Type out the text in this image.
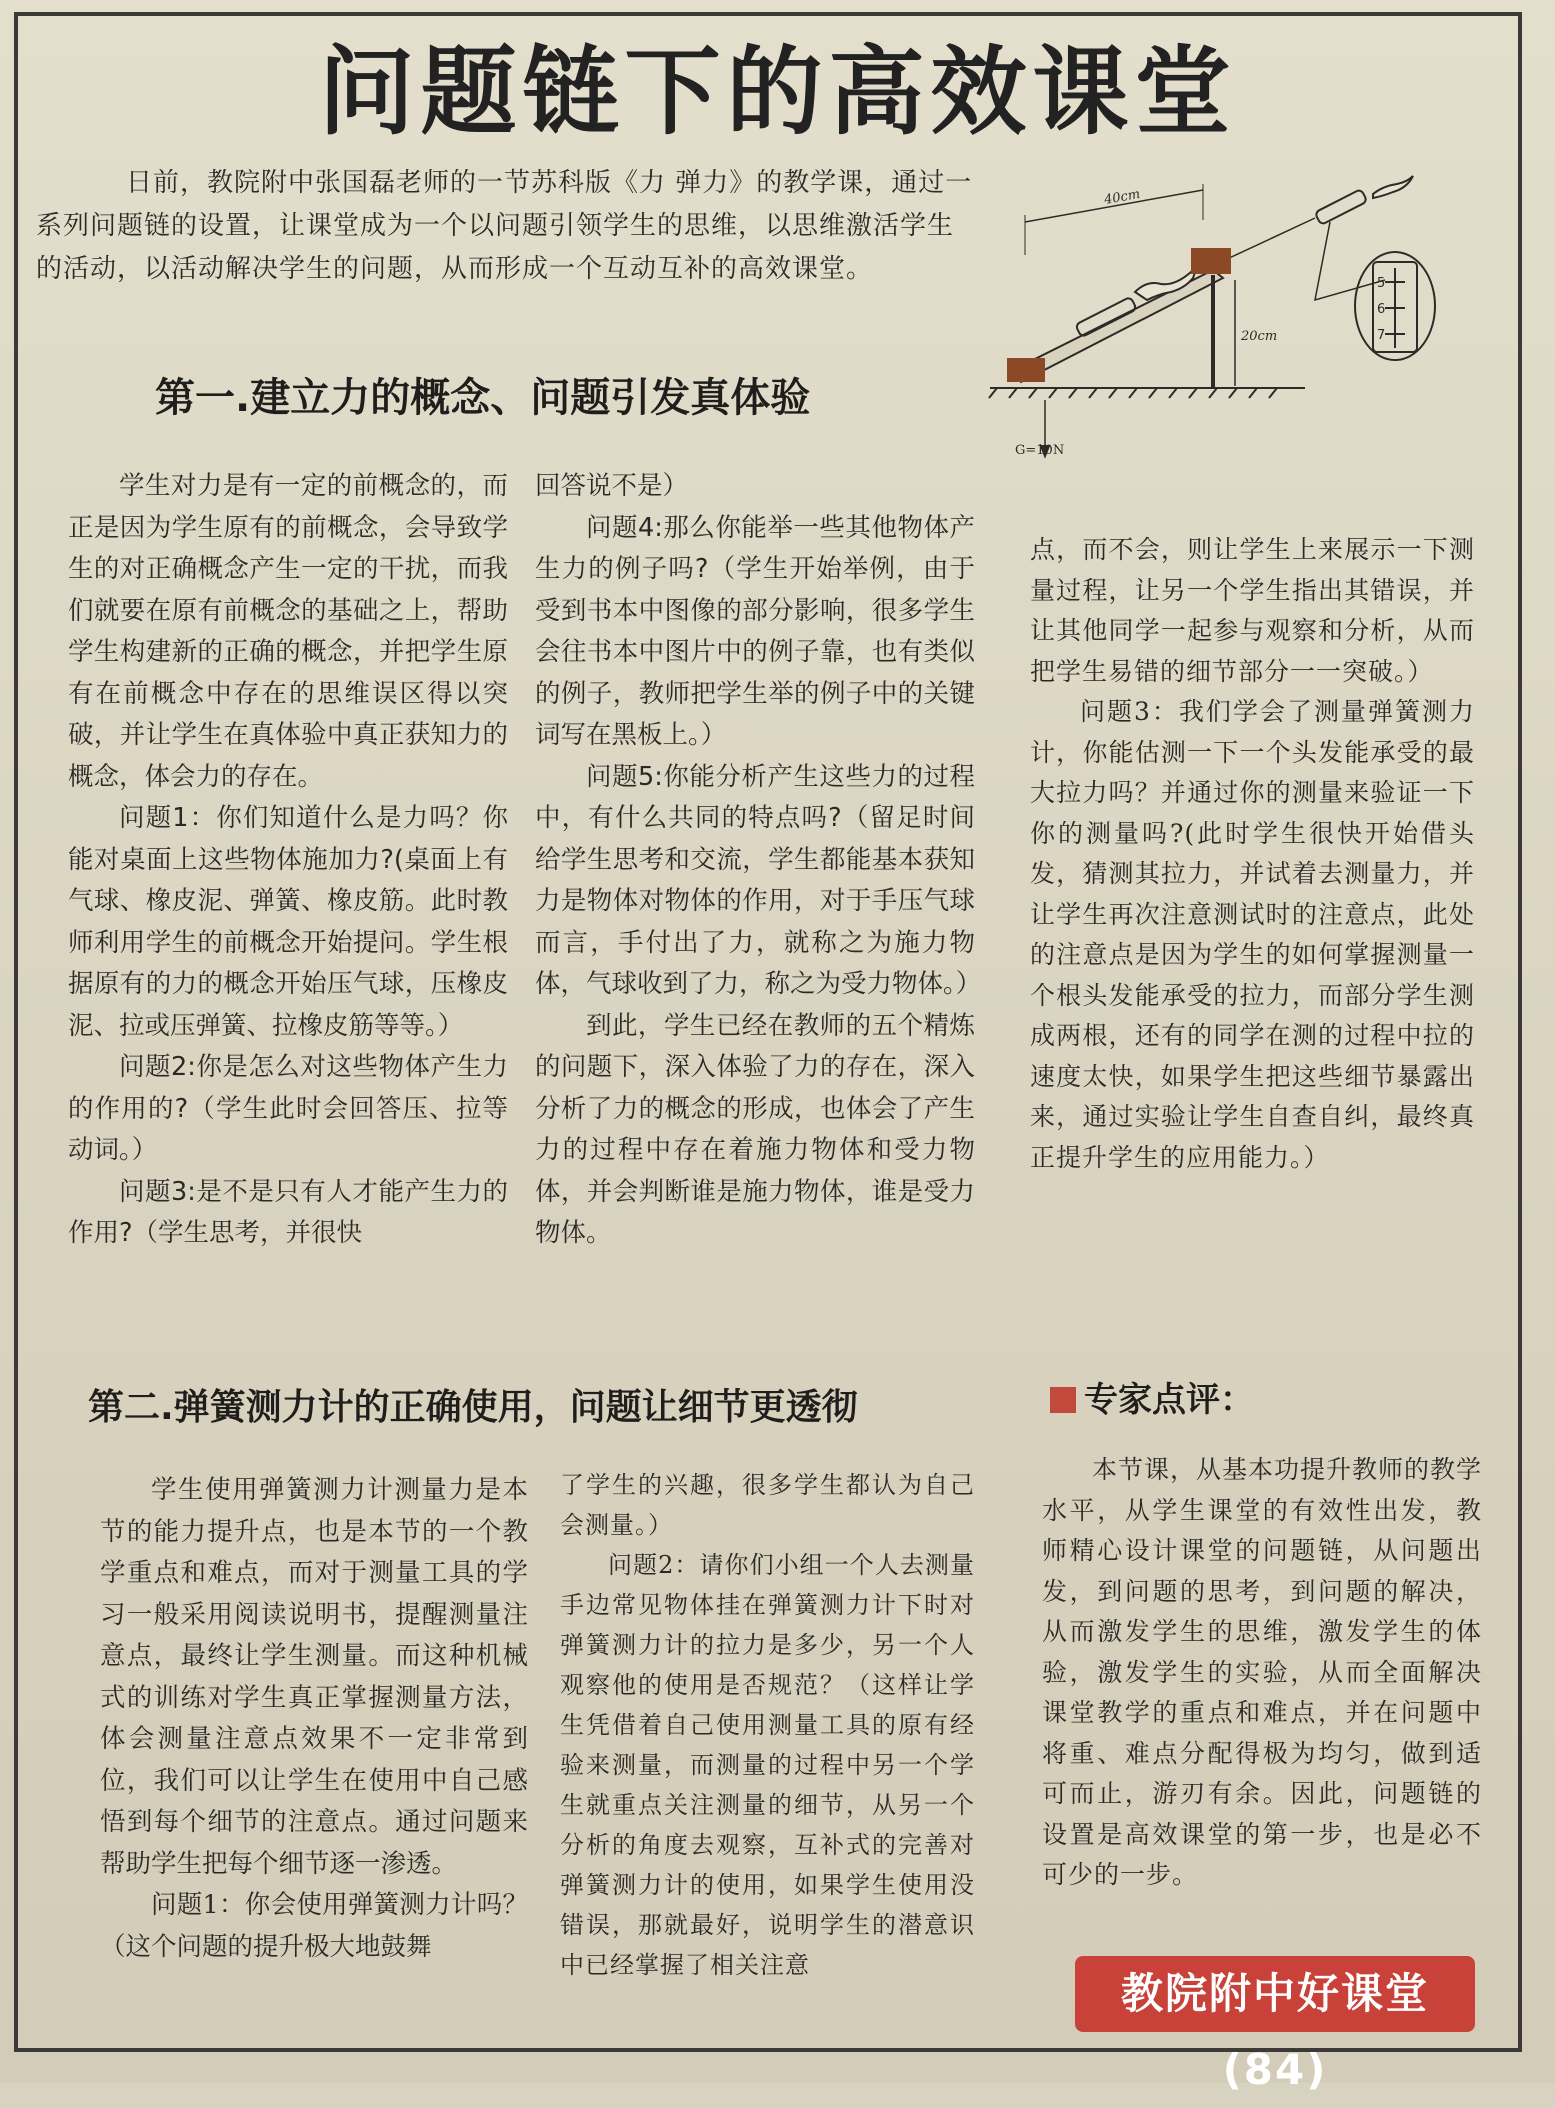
问题链下的高效课堂
日前，教院附中张国磊老师的一节苏科版《力 弹力》的教学课，通过一系列问题链的设置，让课堂成为一个以问题引领学生的思维，以思维激活学生的活动，以活动解决学生的问题，从而形成一个互动互补的高效课堂。
40cm
20cm
G=10N
5
6
7
第一.建立力的概念、问题引发真体验

学生对力是有一定的前概念的，而正是因为学生原有的前概念，会导致学生的对正确概念产生一定的干扰，而我们就要在原有前概念的基础之上，帮助学生构建新的正确的概念，并把学生原有在前概念中存在的思维误区得以突破，并让学生在真体验中真正获知力的概念，体会力的存在。

问题1：你们知道什么是力吗？你能对桌面上这些物体施加力?(桌面上有气球、橡皮泥、弹簧、橡皮筋。此时教师利用学生的前概念开始提问。学生根据原有的力的概念开始压气球，压橡皮泥、拉或压弹簧、拉橡皮筋等等。）

问题2:你是怎么对这些物体产生力的作用的?（学生此时会回答压、拉等动词。）

问题3:是不是只有人才能产生力的作用?（学生思考，并很快

回答说不是）

问题4:那么你能举一些其他物体产生力的例子吗?（学生开始举例，由于受到书本中图像的部分影响，很多学生会往书本中图片中的例子靠，也有类似的例子，教师把学生举的例子中的关键词写在黑板上。）

问题5:你能分析产生这些力的过程中，有什么共同的特点吗?（留足时间给学生思考和交流，学生都能基本获知力是物体对物体的作用，对于手压气球而言，手付出了力，就称之为施力物体，气球收到了力，称之为受力物体。）

到此，学生已经在教师的五个精炼的问题下，深入体验了力的存在，深入分析了力的概念的形成，也体会了产生力的过程中存在着施力物体和受力物体，并会判断谁是施力物体，谁是受力物体。

点，而不会，则让学生上来展示一下测量过程，让另一个学生指出其错误，并让其他同学一起参与观察和分析，从而把学生易错的细节部分一一突破。）

问题3：我们学会了测量弹簧测力计，你能估测一下一个头发能承受的最大拉力吗？并通过你的测量来验证一下你的测量吗?(此时学生很快开始借头发，猜测其拉力，并试着去测量力，并让学生再次注意测试时的注意点，此处的注意点是因为学生的如何掌握测量一个根头发能承受的拉力，而部分学生测成两根，还有的同学在测的过程中拉的速度太快，如果学生把这些细节暴露出来，通过实验让学生自查自纠，最终真正提升学生的应用能力。）

第二.弹簧测力计的正确使用，问题让细节更透彻

学生使用弹簧测力计测量力是本节的能力提升点，也是本节的一个教学重点和难点，而对于测量工具的学习一般采用阅读说明书，提醒测量注意点，最终让学生测量。而这种机械式的训练对学生真正掌握测量方法，体会测量注意点效果不一定非常到位，我们可以让学生在使用中自己感悟到每个细节的注意点。通过问题来帮助学生把每个细节逐一渗透。

问题1：你会使用弹簧测力计吗？（这个问题的提升极大地鼓舞

了学生的兴趣，很多学生都认为自己会测量。）

问题2：请你们小组一个人去测量手边常见物体挂在弹簧测力计下时对弹簧测力计的拉力是多少，另一个人观察他的使用是否规范？（这样让学生凭借着自己使用测量工具的原有经验来测量，而测量的过程中另一个学生就重点关注测量的细节，从另一个分析的角度去观察，互补式的完善对弹簧测力计的使用，如果学生使用没错误，那就最好，说明学生的潜意识中已经掌握了相关注意

专家点评：

本节课，从基本功提升教师的教学水平，从学生课堂的有效性出发，教师精心设计课堂的问题链，从问题出发，到问题的思考，到问题的解决，从而激发学生的思维，激发学生的体验，激发学生的实验，从而全面解决课堂教学的重点和难点，并在问题中将重、难点分配得极为均匀，做到适可而止，游刃有余。因此，问题链的设置是高效课堂的第一步，也是必不可少的一步。

教院附中好课堂(84)
